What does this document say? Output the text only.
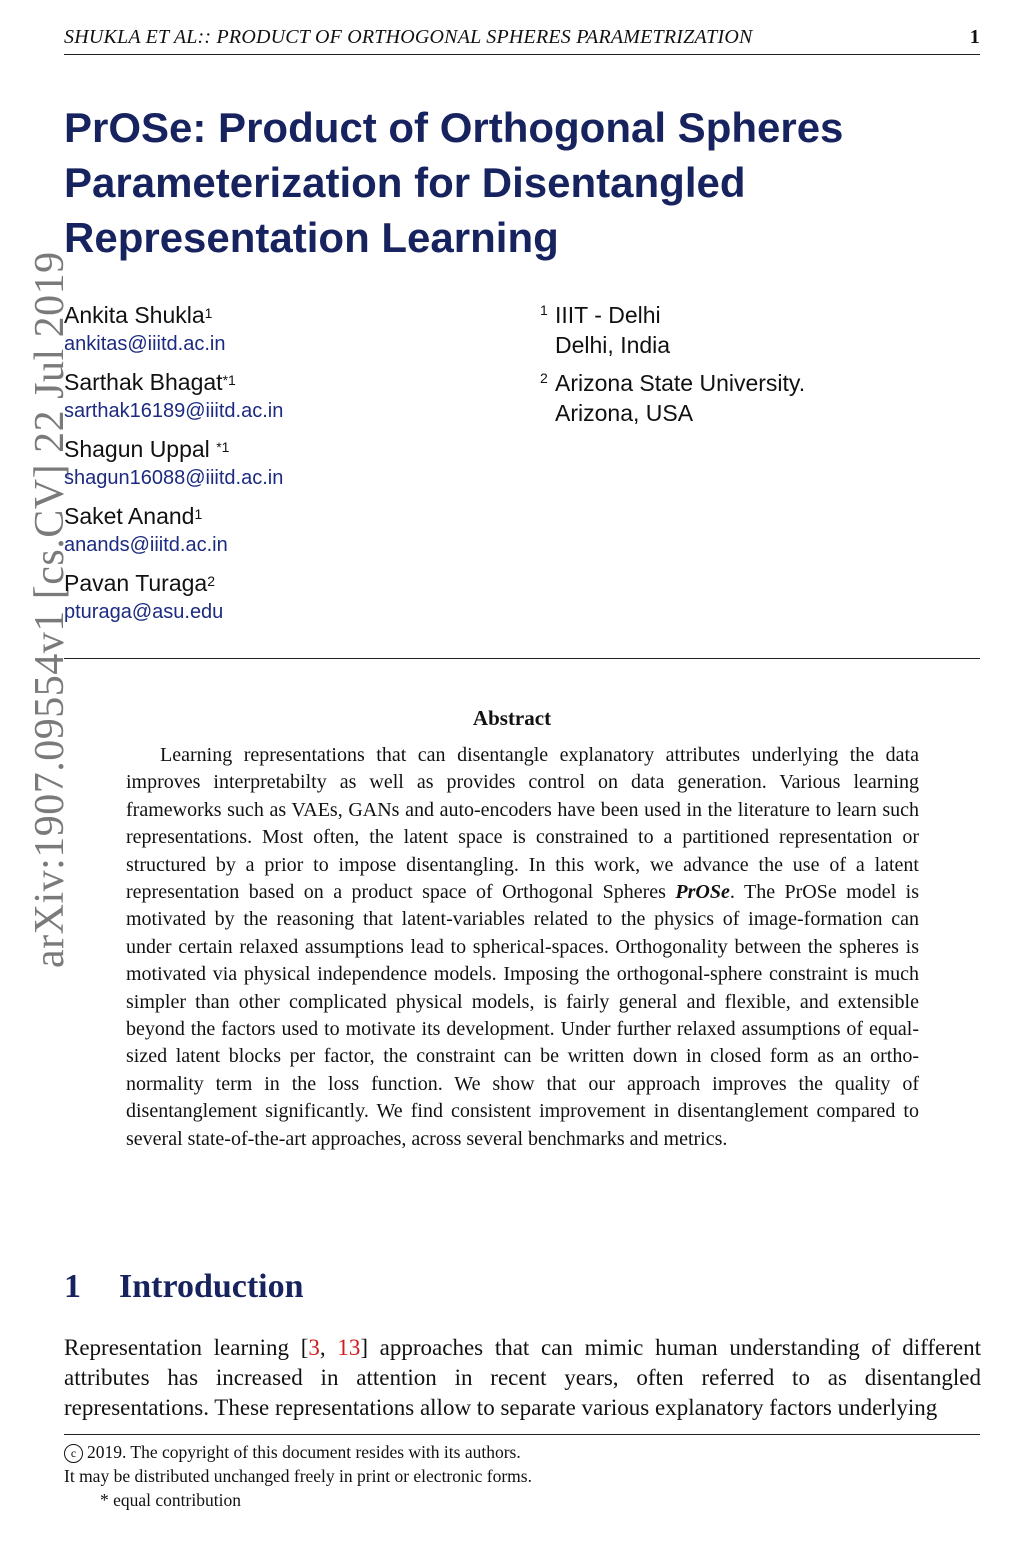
SHUKLA ET AL:: PRODUCT OF ORTHOGONAL SPHERES PARAMETRIZATION	1
arXiv:1907.09554v1 [cs.CV] 22 Jul 2019
PrOSe: Product of Orthogonal Spheres
Parameterization for Disentangled
Representation Learning
Ankita Shukla$^1$
ankitas@iiitd.ac.in
Sarthak Bhagat$^{*1}$
sarthak16189@iiitd.ac.in
Shagun Uppal $^{*1}$
shagun16088@iiitd.ac.in
Saket Anand$^1$
anands@iiitd.ac.in
Pavan Turaga$^2$
pturaga@asu.edu
1 IIIT - Delhi
Delhi, India
2 Arizona State University.
Arizona, USA
Abstract

Learning representations that can disentangle explanatory attributes underlying the data improves interpretabilty as well as provides control on data generation. Various learning frameworks such as VAEs, GANs and auto-encoders have been used in the literature to learn such representations. Most often, the latent space is constrained to a partitioned representation or structured by a prior to impose disentangling. In this work, we advance the use of a latent representation based on a product space of Orthogonal Spheres PrOSe. The PrOSe model is motivated by the reasoning that latent-variables related to the physics of image-formation can under certain relaxed assumptions lead to spherical-spaces. Orthogonality between the spheres is motivated via physical independence models. Imposing the orthogonal-sphere constraint is much simpler than other complicated physical models, is fairly general and flexible, and extensible beyond the factors used to motivate its development. Under further relaxed assumptions of equal-sized latent blocks per factor, the constraint can be written down in closed form as an ortho-normality term in the loss function. We show that our approach improves the quality of disentanglement significantly. We find consistent improvement in disentanglement compared to several state-of-the-art approaches, across several benchmarks and metrics.

1 Introduction

Representation learning [3, 13] approaches that can mimic human understanding of different attributes has increased in attention in recent years, often referred to as disentangled representations. These representations allow to separate various explanatory factors underlying

c 2019. The copyright of this document resides with its authors.
It may be distributed unchanged freely in print or electronic forms.
* equal contribution
